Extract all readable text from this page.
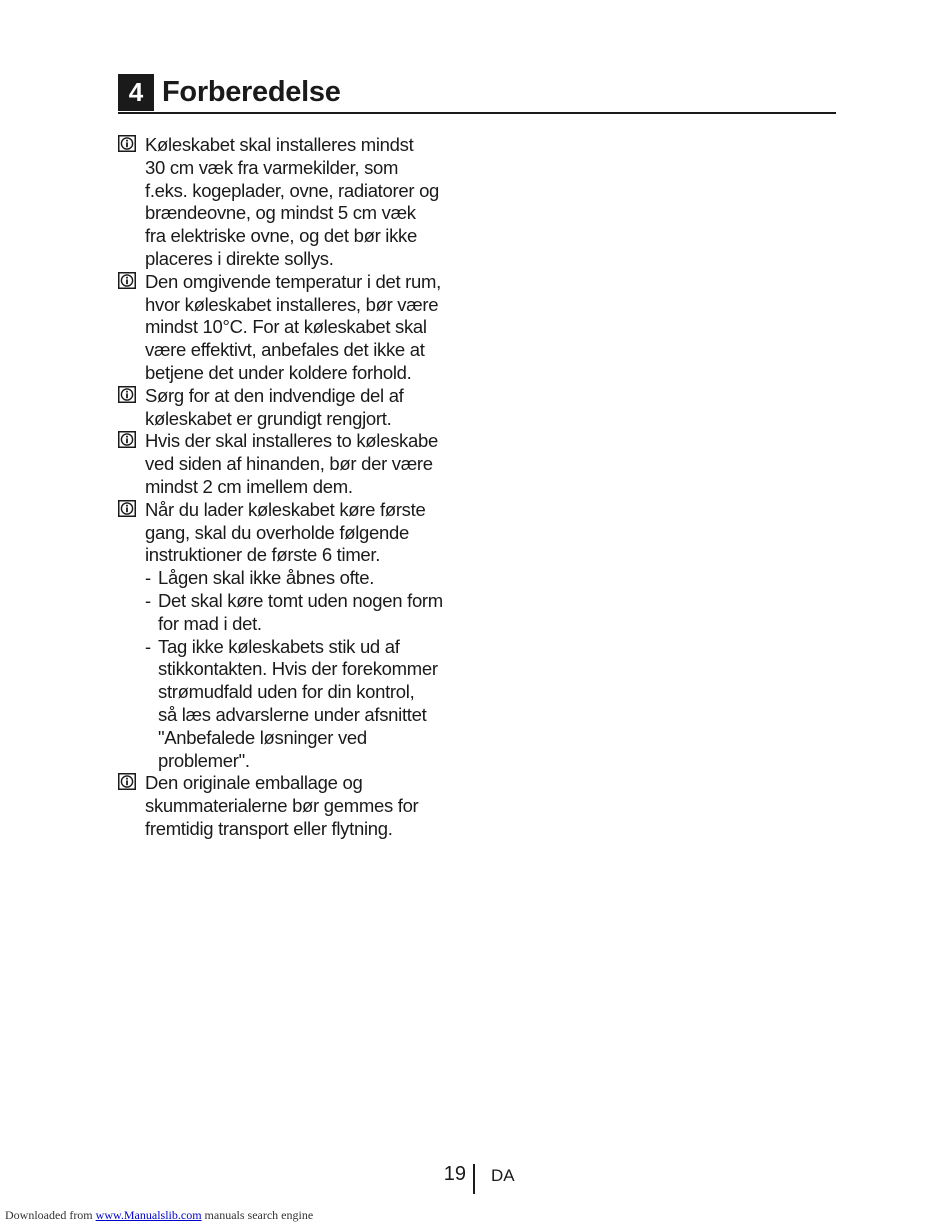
4 Forberedelse
Køleskabet skal installeres mindst
30 cm væk fra varmekilder, som
f.eks. kogeplader, ovne, radiatorer og
brændeovne, og mindst 5 cm væk
fra elektriske ovne, og det bør ikke
placeres i direkte sollys.
Den omgivende temperatur i det rum,
hvor køleskabet installeres, bør være
mindst 10°C. For at køleskabet skal
være effektivt, anbefales det ikke at
betjene det under koldere forhold.
Sørg for at den indvendige del af
køleskabet er grundigt rengjort.
Hvis der skal installeres to køleskabe
ved siden af hinanden, bør der være
mindst 2 cm imellem dem.
Når du lader køleskabet køre første
gang, skal du overholde følgende
instruktioner de første 6 timer.
- Lågen skal ikke åbnes ofte.
- Det skal køre tomt uden nogen form
for mad i det.
- Tag ikke køleskabets stik ud af
stikkontakten. Hvis der forekommer
strømudfald uden for din kontrol,
så læs advarslerne under afsnittet
"Anbefalede løsninger ved
problemer".
Den originale emballage og
skummaterialerne bør gemmes for
fremtidig transport eller flytning.
19 DA
Downloaded from www.Manualslib.com manuals search engine
